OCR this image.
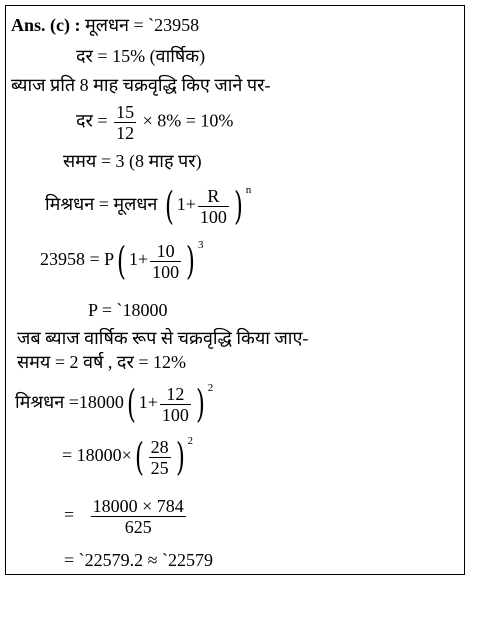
Ans. (c) : मूलधन = `23958
दर = 15% (वार्षिक)
ब्याज प्रति 8 माह चक्रवृद्धि किए जाने पर-
दर = $\frac{15}{12} \times 8\% = 10\%$
समय = 3 (8 माह पर)
मिश्रधन = मूलधन ( $1+ \frac{R}{100}$ ) $^n$
23958 = P( $1+ \frac{10}{100}$ ) $^3$
P = `18000
जब ब्याज वार्षिक रूप से चक्रवृद्धि किया जाए-
समय = 2 वर्ष , दर = 12%
मिश्रधन =18000( $1+ \frac{12}{100}$ ) $^2$
= $18000\times( \frac{28}{25}$ ) $^2$
= $\frac{18000 \times 784}{625}$
= `22579.2 ≈ `22579
